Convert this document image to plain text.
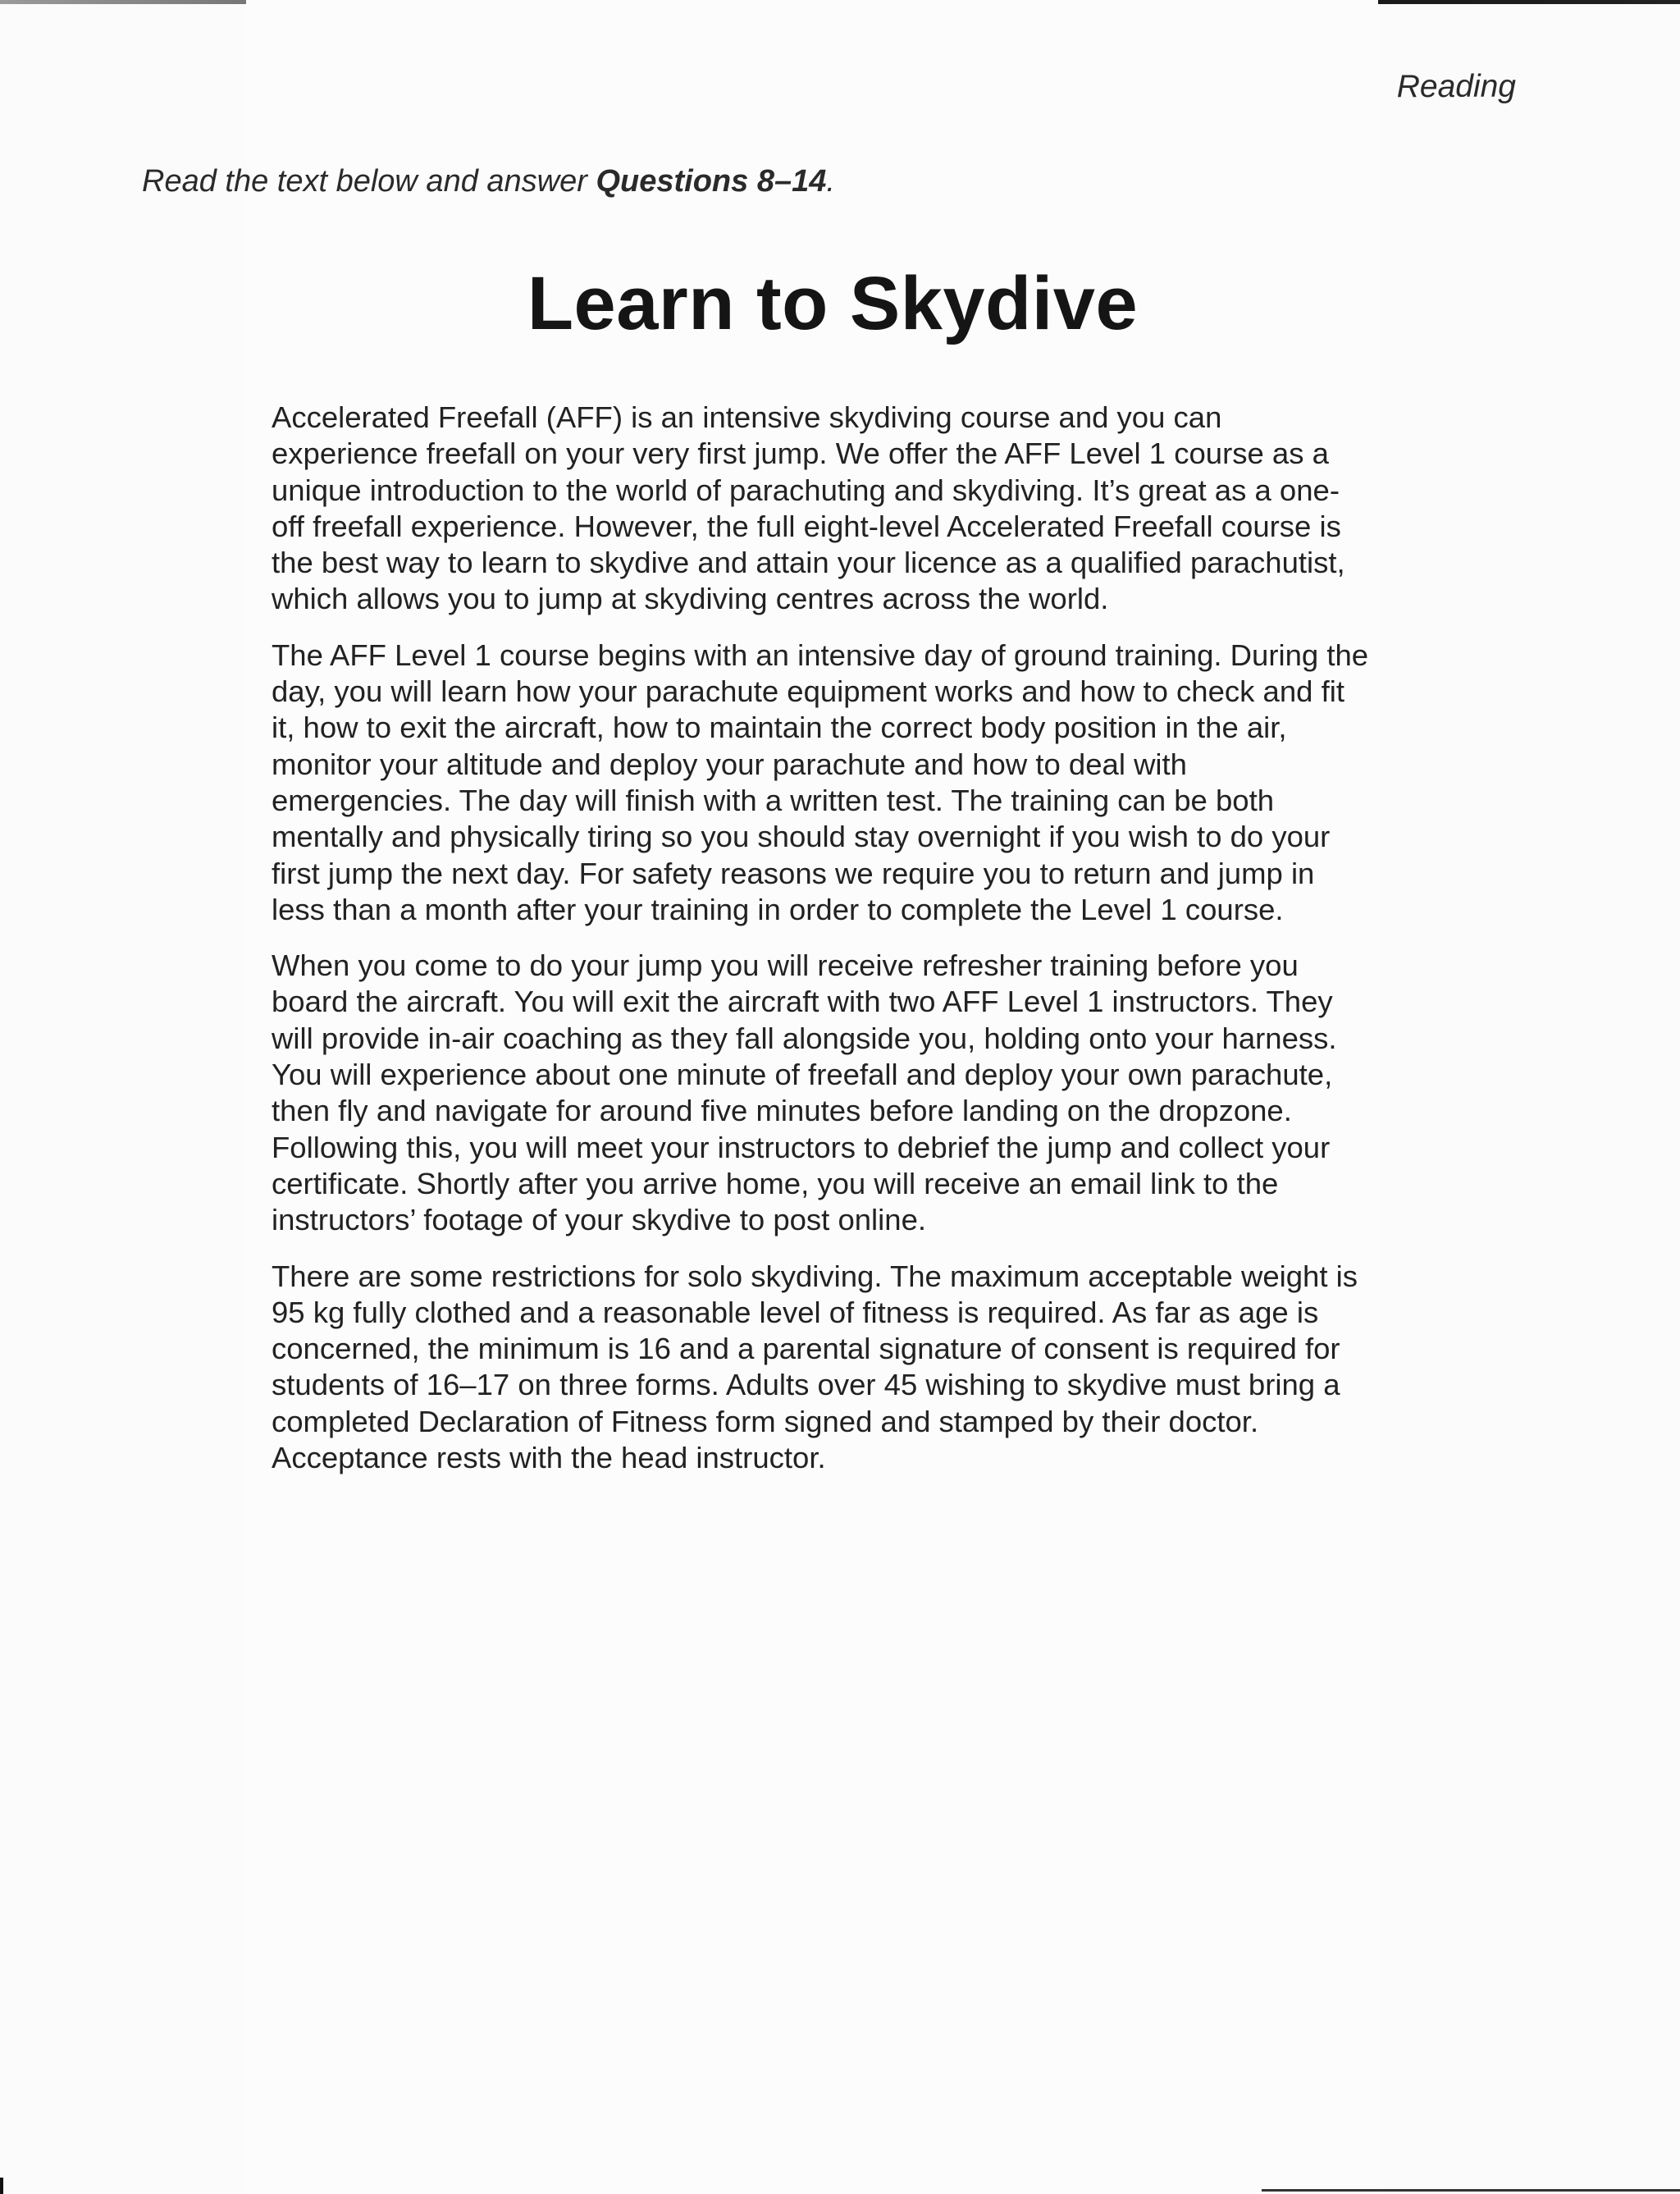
Reading
Read the text below and answer Questions 8–14.
Learn to Skydive

Accelerated Freefall (AFF) is an intensive skydiving course and you can experience freefall on your very first jump. We offer the AFF Level 1 course as a unique introduction to the world of parachuting and skydiving. It’s great as a one-off freefall experience. However, the full eight-level Accelerated Freefall course is the best way to learn to skydive and attain your licence as a qualified parachutist, which allows you to jump at skydiving centres across the world.

The AFF Level 1 course begins with an intensive day of ground training. During the day, you will learn how your parachute equipment works and how to check and fit it, how to exit the aircraft, how to maintain the correct body position in the air, monitor your altitude and deploy your parachute and how to deal with emergencies. The day will finish with a written test. The training can be both mentally and physically tiring so you should stay overnight if you wish to do your first jump the next day. For safety reasons we require you to return and jump in less than a month after your training in order to complete the Level 1 course.

When you come to do your jump you will receive refresher training before you board the aircraft. You will exit the aircraft with two AFF Level 1 instructors. They will provide in-air coaching as they fall alongside you, holding onto your harness. You will experience about one minute of freefall and deploy your own parachute, then fly and navigate for around five minutes before landing on the dropzone. Following this, you will meet your instructors to debrief the jump and collect your certificate. Shortly after you arrive home, you will receive an email link to the instructors’ footage of your skydive to post online.

There are some restrictions for solo skydiving. The maximum acceptable weight is 95 kg fully clothed and a reasonable level of fitness is required. As far as age is concerned, the minimum is 16 and a parental signature of consent is required for students of 16–17 on three forms. Adults over 45 wishing to skydive must bring a completed Declaration of Fitness form signed and stamped by their doctor. Acceptance rests with the head instructor.
